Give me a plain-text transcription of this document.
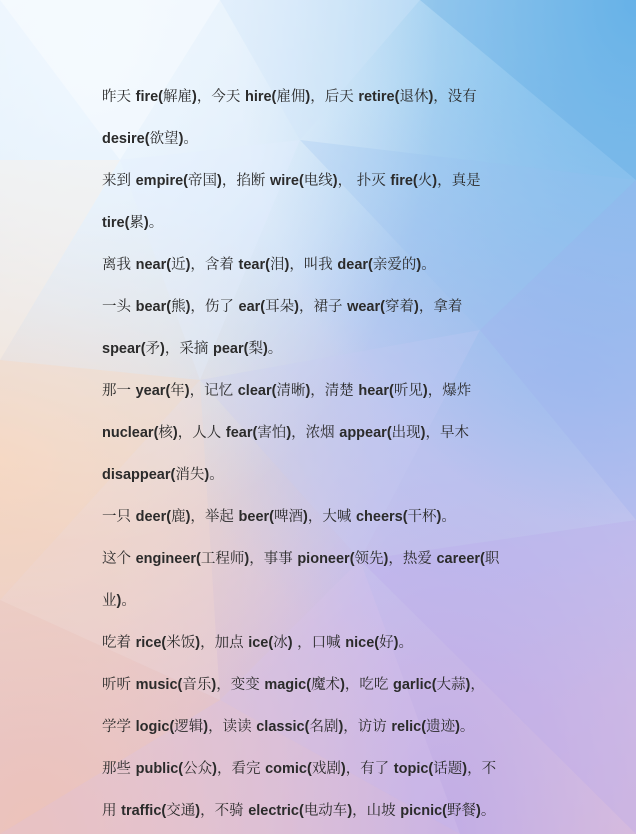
昨天 fire(解雇)，今天 hire(雇佣)，后天 retire(退休)，没有
desire(欲望)。
来到 empire(帝国)，掐断 wire(电线)， 扑灭 fire(火)，真是
tire(累)。
离我 near(近)，含着 tear(泪)，叫我 dear(亲爱的)。
一头 bear(熊)，伤了 ear(耳朵)，裙子 wear(穿着)，拿着
spear(矛)，采摘 pear(梨)。
那一 year(年)，记忆 clear(清晰)，清楚 hear(听见)，爆炸
nuclear(核)，人人 fear(害怕)，浓烟 appear(出现)，早木
disappear(消失)。
一只 deer(鹿)，举起 beer(啤酒)，大喊 cheers(干杯)。
这个 engineer(工程师)，事事 pioneer(领先)，热爱 career(职
业)。
吃着 rice(米饭)，加点 ice(冰) ，口喊 nice(好)。
听听 music(音乐)，变变 magic(魔术)，吃吃 garlic(大蒜)，
学学 logic(逻辑)，读读 classic(名剧)，访访 relic(遗迹)。
那些 public(公众)，看完 comic(戏剧)，有了 topic(话题)，不
用 traffic(交通)，不骑 electric(电动车)，山坡 picnic(野餐)。
